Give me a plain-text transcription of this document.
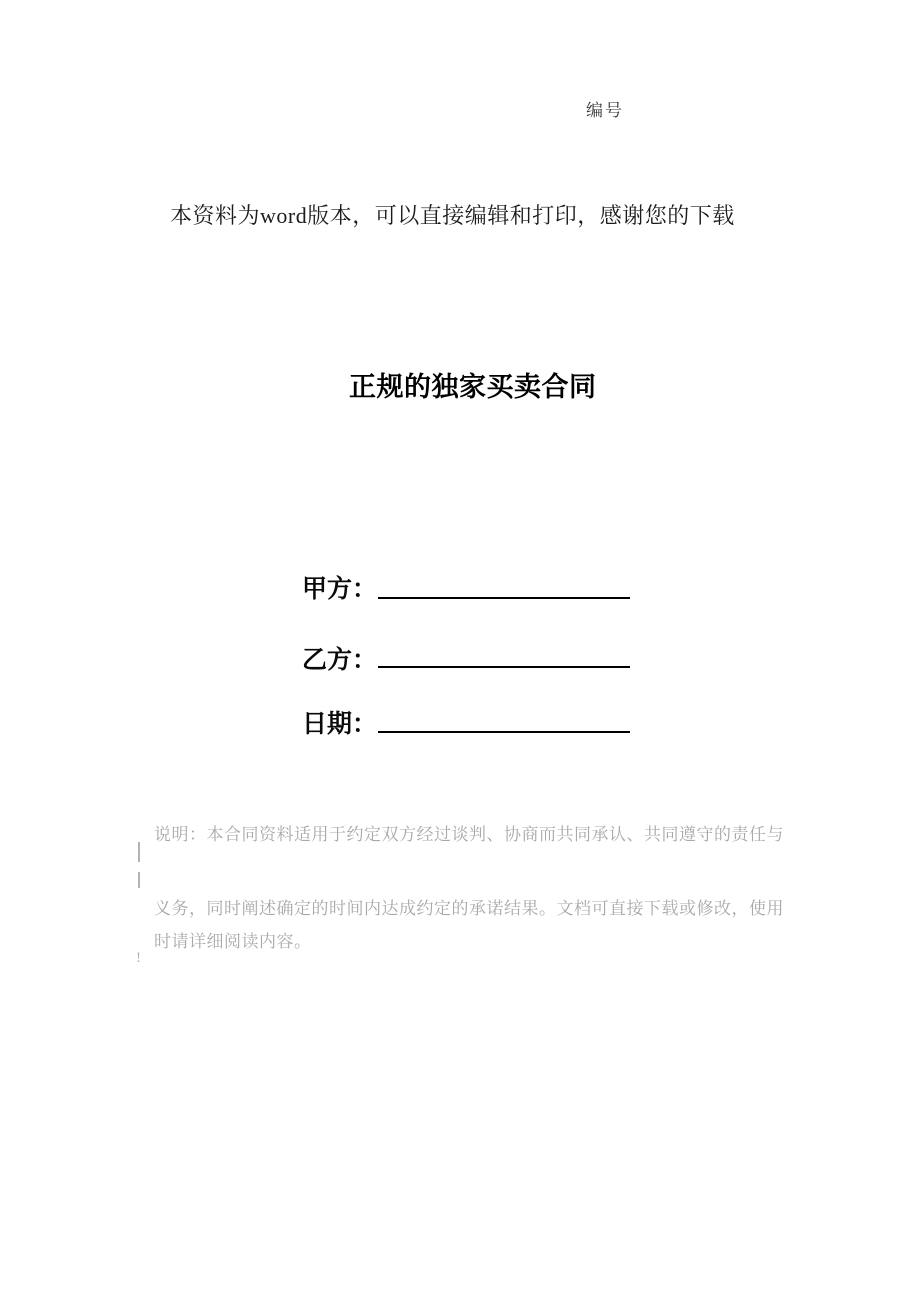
编号
本资料为word版本，可以直接编辑和打印，感谢您的下载
正规的独家买卖合同
甲方：
乙方：
日期：
说明：本合同资料适用于约定双方经过谈判、协商而共同承认、共同遵守的责任与
义务，同时阐述确定的时间内达成约定的承诺结果。文档可直接下载或修改，使用
时请详细阅读内容。
!
